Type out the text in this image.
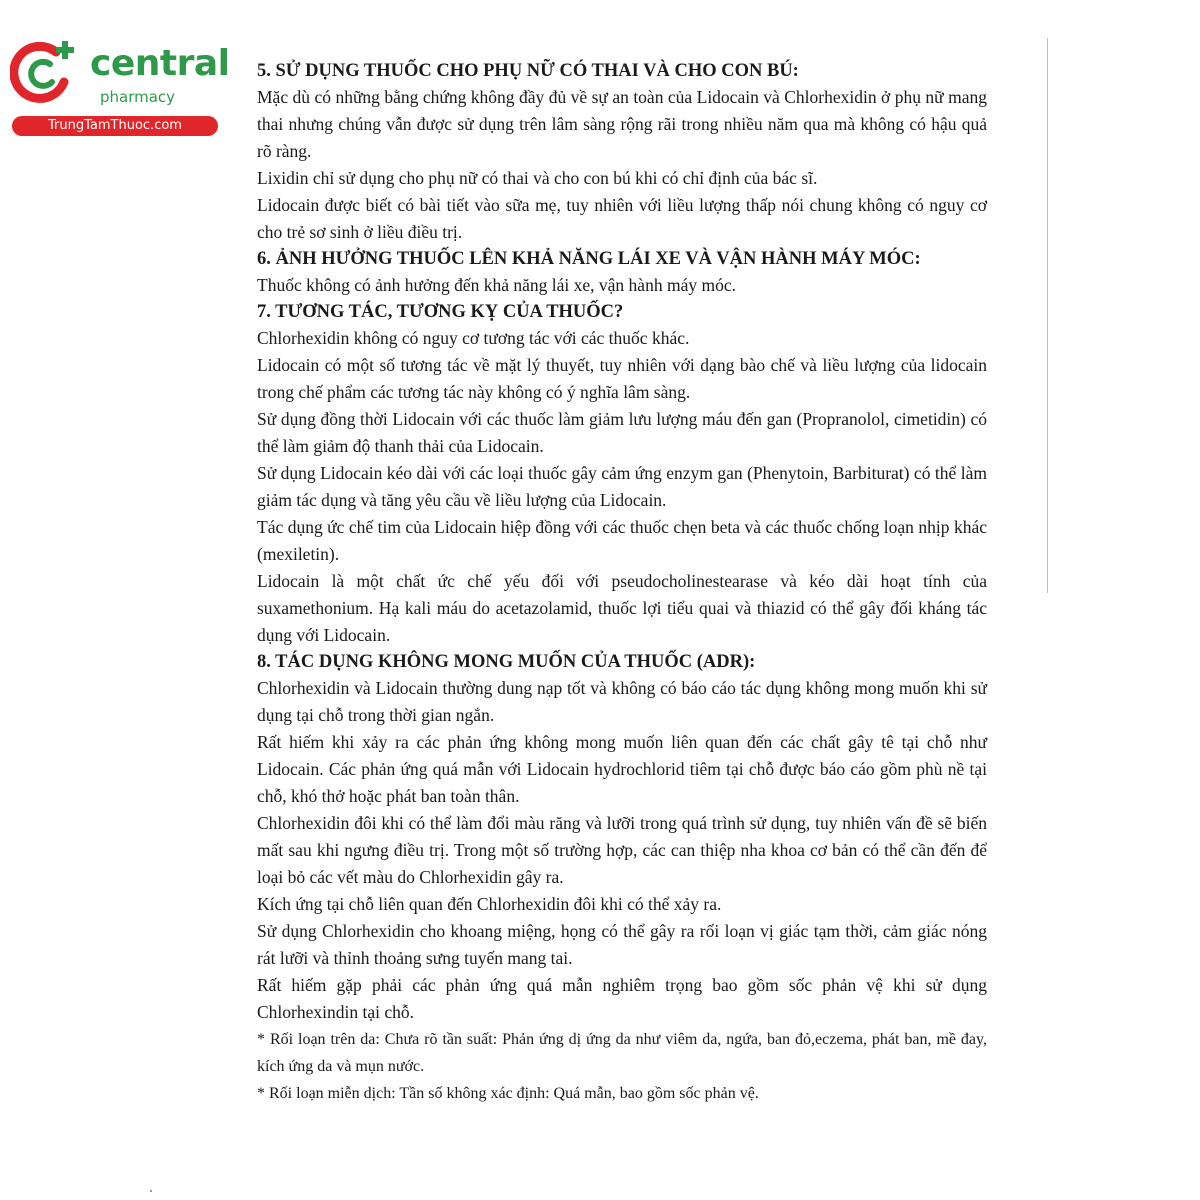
central
pharmacy
TrungTamThuoc.com
5. SỬ DỤNG THUỐC CHO PHỤ NỮ CÓ THAI VÀ CHO CON BÚ:

Mặc dù có những bằng chứng không đầy đủ về sự an toàn của Lidocain và Chlorhexidin ở phụ nữ mang thai nhưng chúng vẫn được sử dụng trên lâm sàng rộng rãi trong nhiều năm qua mà không có hậu quả rõ ràng.

Lixidin chỉ sử dụng cho phụ nữ có thai và cho con bú khi có chỉ định của bác sĩ.

Lidocain được biết có bài tiết vào sữa mẹ, tuy nhiên với liều lượng thấp nói chung không có nguy cơ cho trẻ sơ sinh ở liều điều trị.

6. ẢNH HƯỞNG THUỐC LÊN KHẢ NĂNG LÁI XE VÀ VẬN HÀNH MÁY MÓC:

Thuốc không có ảnh hưởng đến khả năng lái xe, vận hành máy móc.

7. TƯƠNG TÁC, TƯƠNG KỴ CỦA THUỐC?

Chlorhexidin không có nguy cơ tương tác với các thuốc khác.

Lidocain có một số tương tác về mặt lý thuyết, tuy nhiên với dạng bào chế và liều lượng của lidocain trong chế phẩm các tương tác này không có ý nghĩa lâm sàng.

Sử dụng đồng thời Lidocain với các thuốc làm giảm lưu lượng máu đến gan (Propranolol, cimetidin) có thể làm giảm độ thanh thải của Lidocain.

Sử dụng Lidocain kéo dài với các loại thuốc gây cảm ứng enzym gan (Phenytoin, Barbiturat) có thể làm giảm tác dụng và tăng yêu cầu về liều lượng của Lidocain.

Tác dụng ức chế tim của Lidocain hiệp đồng với các thuốc chẹn beta và các thuốc chống loạn nhịp khác (mexiletin).

Lidocain là một chất ức chế yếu đối với pseudocholinestearase và kéo dài hoạt tính của suxamethonium. Hạ kali máu do acetazolamid, thuốc lợi tiểu quai và thiazid có thể gây đối kháng tác dụng với Lidocain.

8. TÁC DỤNG KHÔNG MONG MUỐN CỦA THUỐC (ADR):

Chlorhexidin và Lidocain thường dung nạp tốt và không có báo cáo tác dụng không mong muốn khi sử dụng tại chỗ trong thời gian ngắn.

Rất hiếm khi xảy ra các phản ứng không mong muốn liên quan đến các chất gây tê tại chỗ như Lidocain. Các phản ứng quá mẫn với Lidocain hydrochlorid tiêm tại chỗ được báo cáo gồm phù nề tại chỗ, khó thở hoặc phát ban toàn thân.

Chlorhexidin đôi khi có thể làm đổi màu răng và lưỡi trong quá trình sử dụng, tuy nhiên vấn đề sẽ biến mất sau khi ngưng điều trị. Trong một số trường hợp, các can thiệp nha khoa cơ bản có thể cần đến để loại bỏ các vết màu do Chlorhexidin gây ra.

Kích ứng tại chỗ liên quan đến Chlorhexidin đôi khi có thể xảy ra.

Sử dụng Chlorhexidin cho khoang miệng, họng có thể gây ra rối loạn vị giác tạm thời, cảm giác nóng rát lưỡi và thỉnh thoảng sưng tuyến mang tai.

Rất hiếm gặp phải các phản ứng quá mẫn nghiêm trọng bao gồm sốc phản vệ khi sử dụng Chlorhexindin tại chỗ.

* Rối loạn trên da: Chưa rõ tần suất: Phản ứng dị ứng da như viêm da, ngứa, ban đỏ,eczema, phát ban, mề đay, kích ứng da và mụn nước.

* Rối loạn miễn dịch: Tần số không xác định: Quá mẫn, bao gồm sốc phản vệ.
